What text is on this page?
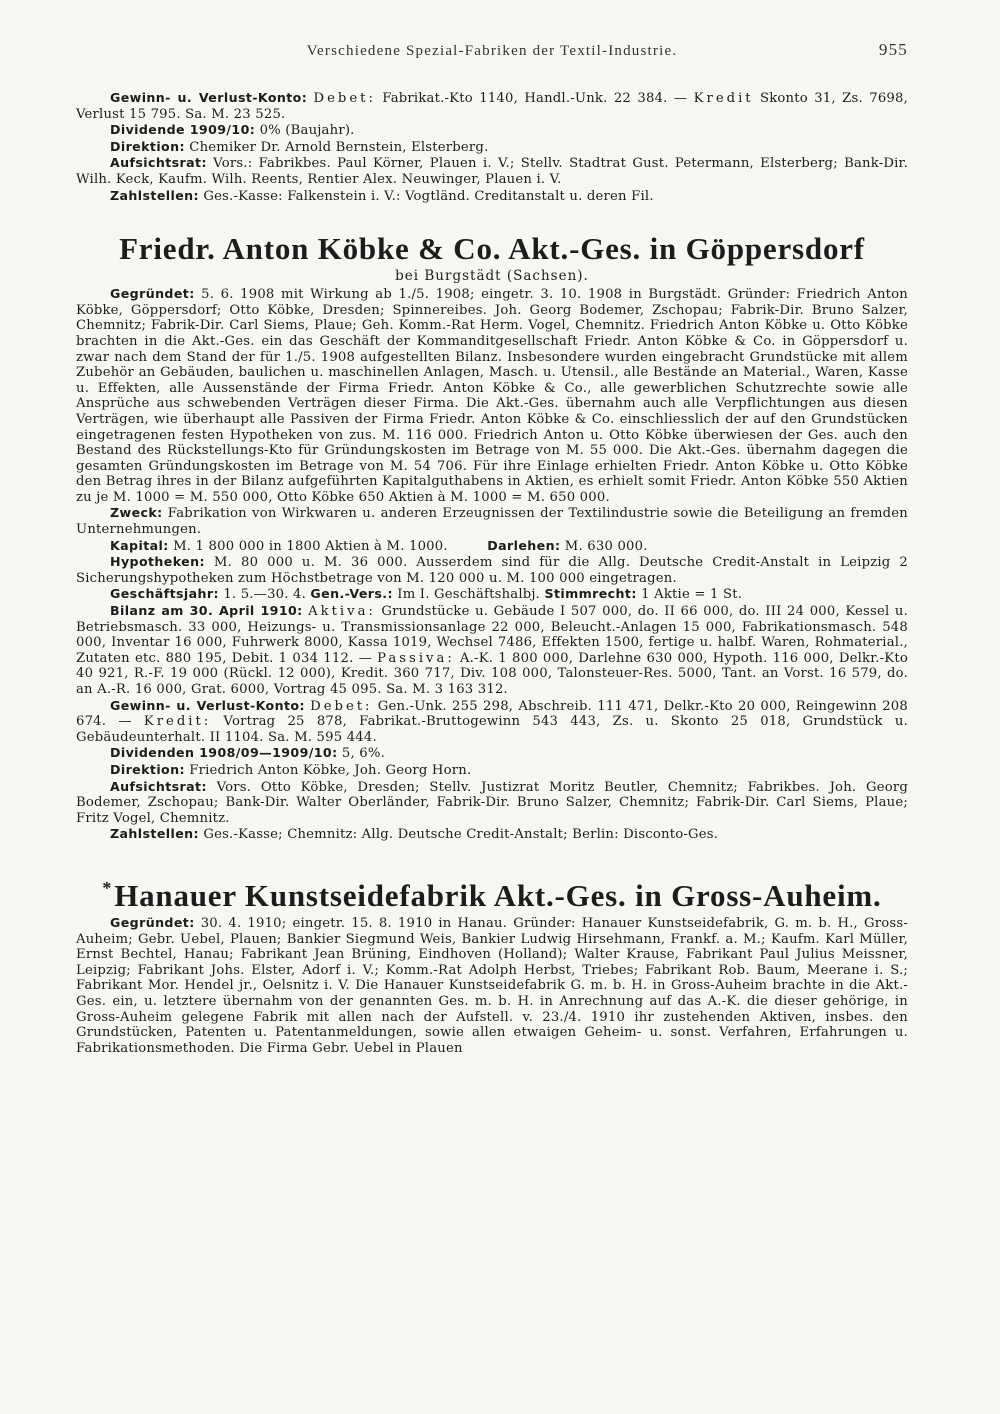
Verschiedene Spezial-Fabriken der Textil-Industrie.	955

Gewinn- u. Verlust-Konto: Debet: Fabrikat.-Kto 1140, Handl.-Unk. 22 384. — Kredit Skonto 31, Zs. 7698, Verlust 15 795. Sa. M. 23 525.

Dividende 1909/10: 0% (Baujahr).

Direktion: Chemiker Dr. Arnold Bernstein, Elsterberg.

Aufsichtsrat: Vors.: Fabrikbes. Paul Körner, Plauen i. V.; Stellv. Stadtrat Gust. Petermann, Elsterberg; Bank-Dir. Wilh. Keck, Kaufm. Wilh. Reents, Rentier Alex. Neuwinger, Plauen i. V.

Zahlstellen: Ges.-Kasse: Falkenstein i. V.: Vogtländ. Creditanstalt u. deren Fil.

Friedr. Anton Köbke & Co. Akt.-Ges. in Göppersdorf
bei Burgstädt (Sachsen).

Gegründet: 5. 6. 1908 mit Wirkung ab 1./5. 1908; eingetr. 3. 10. 1908 in Burgstädt. Gründer: Friedrich Anton Köbke, Göppersdorf; Otto Köbke, Dresden; Spinnereibes. Joh. Georg Bodemer, Zschopau; Fabrik-Dir. Bruno Salzer, Chemnitz; Fabrik-Dir. Carl Siems, Plaue; Geh. Komm.-Rat Herm. Vogel, Chemnitz. Friedrich Anton Köbke u. Otto Köbke brachten in die Akt.-Ges. ein das Geschäft der Kommanditgesellschaft Friedr. Anton Köbke & Co. in Göppersdorf u. zwar nach dem Stand der für 1./5. 1908 aufgestellten Bilanz. Insbesondere wurden eingebracht Grundstücke mit allem Zubehör an Gebäuden, baulichen u. maschinellen Anlagen, Masch. u. Utensil., alle Bestände an Material., Waren, Kasse u. Effekten, alle Aussenstände der Firma Friedr. Anton Köbke & Co., alle gewerblichen Schutzrechte sowie alle Ansprüche aus schwebenden Verträgen dieser Firma. Die Akt.-Ges. übernahm auch alle Verpflichtungen aus diesen Verträgen, wie überhaupt alle Passiven der Firma Friedr. Anton Köbke & Co. einschliesslich der auf den Grundstücken eingetragenen festen Hypotheken von zus. M. 116 000. Friedrich Anton u. Otto Köbke überwiesen der Ges. auch den Bestand des Rückstellungs-Kto für Gründungskosten im Betrage von M. 55 000. Die Akt.-Ges. übernahm dagegen die gesamten Gründungskosten im Betrage von M. 54 706. Für ihre Einlage erhielten Friedr. Anton Köbke u. Otto Köbke den Betrag ihres in der Bilanz aufgeführten Kapitalguthabens in Aktien, es erhielt somit Friedr. Anton Köbke 550 Aktien zu je M. 1000 = M. 550 000, Otto Köbke 650 Aktien à M. 1000 = M. 650 000.

Zweck: Fabrikation von Wirkwaren u. anderen Erzeugnissen der Textilindustrie sowie die Beteiligung an fremden Unternehmungen.

Kapital: M. 1 800 000 in 1800 Aktien à M. 1000.         Darlehen: M. 630 000.

Hypotheken: M. 80 000 u. M. 36 000. Ausserdem sind für die Allg. Deutsche Credit-Anstalt in Leipzig 2 Sicherungshypotheken zum Höchstbetrage von M. 120 000 u. M. 100 000 eingetragen.

Geschäftsjahr: 1. 5.—30. 4. Gen.-Vers.: Im I. Geschäftshalbj. Stimmrecht: 1 Aktie = 1 St.

Bilanz am 30. April 1910: Aktiva: Grundstücke u. Gebäude I 507 000, do. II 66 000, do. III 24 000, Kessel u. Betriebsmasch. 33 000, Heizungs- u. Transmissionsanlage 22 000, Beleucht.-Anlagen 15 000, Fabrikationsmasch. 548 000, Inventar 16 000, Fuhrwerk 8000, Kassa 1019, Wechsel 7486, Effekten 1500, fertige u. halbf. Waren, Rohmaterial., Zutaten etc. 880 195, Debit. 1 034 112. — Passiva: A.-K. 1 800 000, Darlehne 630 000, Hypoth. 116 000, Delkr.-Kto 40 921, R.-F. 19 000 (Rückl. 12 000), Kredit. 360 717, Div. 108 000, Talonsteuer-Res. 5000, Tant. an Vorst. 16 579, do. an A.-R. 16 000, Grat. 6000, Vortrag 45 095. Sa. M. 3 163 312.

Gewinn- u. Verlust-Konto: Debet: Gen.-Unk. 255 298, Abschreib. 111 471, Delkr.-Kto 20 000, Reingewinn 208 674. — Kredit: Vortrag 25 878, Fabrikat.-Bruttogewinn 543 443, Zs. u. Skonto 25 018, Grundstück u. Gebäudeunterhalt. II 1104. Sa. M. 595 444.

Dividenden 1908/09—1909/10: 5, 6%.

Direktion: Friedrich Anton Köbke, Joh. Georg Horn.

Aufsichtsrat: Vors. Otto Köbke, Dresden; Stellv. Justizrat Moritz Beutler, Chemnitz; Fabrikbes. Joh. Georg Bodemer, Zschopau; Bank-Dir. Walter Oberländer, Fabrik-Dir. Bruno Salzer, Chemnitz; Fabrik-Dir. Carl Siems, Plaue; Fritz Vogel, Chemnitz.

Zahlstellen: Ges.-Kasse; Chemnitz: Allg. Deutsche Credit-Anstalt; Berlin: Disconto-Ges.

*Hanauer Kunstseidefabrik Akt.-Ges. in Gross-Auheim.

Gegründet: 30. 4. 1910; eingetr. 15. 8. 1910 in Hanau. Gründer: Hanauer Kunstseidefabrik, G. m. b. H., Gross-Auheim; Gebr. Uebel, Plauen; Bankier Siegmund Weis, Bankier Ludwig Hirsehmann, Frankf. a. M.; Kaufm. Karl Müller, Ernst Bechtel, Hanau; Fabrikant Jean Brüning, Eindhoven (Holland); Walter Krause, Fabrikant Paul Julius Meissner, Leipzig; Fabrikant Johs. Elster, Adorf i. V.; Komm.-Rat Adolph Herbst, Triebes; Fabrikant Rob. Baum, Meerane i. S.; Fabrikant Mor. Hendel jr., Oelsnitz i. V. Die Hanauer Kunstseidefabrik G. m. b. H. in Gross-Auheim brachte in die Akt.-Ges. ein, u. letztere übernahm von der genannten Ges. m. b. H. in Anrechnung auf das A.-K. die dieser gehörige, in Gross-Auheim gelegene Fabrik mit allen nach der Aufstell. v. 23./4. 1910 ihr zustehenden Aktiven, insbes. den Grundstücken, Patenten u. Patentanmeldungen, sowie allen etwaigen Geheim- u. sonst. Verfahren, Erfahrungen u. Fabrikationsmethoden. Die Firma Gebr. Uebel in Plauen
